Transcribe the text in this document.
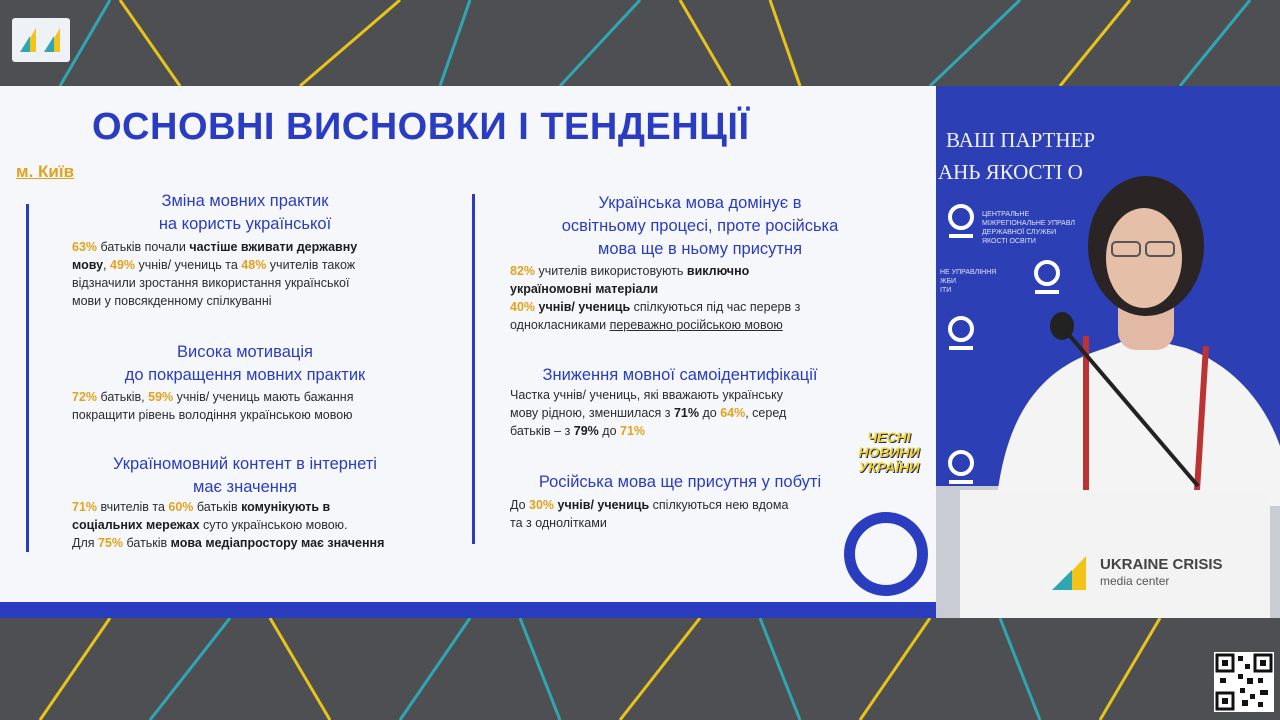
ОСНОВНІ ВИСНОВКИ І ТЕНДЕНЦІЇ
м. Київ
Зміна мовних практик
на користь української
63% батьків почали частіше вживати державну
мову, 49% учнів/ учениць та 48% учителів також
відзначили зростання використання української
мови у повсякденному спілкуванні
Висока мотивація
до покращення мовних практик
72% батьків, 59% учнів/ учениць мають бажання
покращити рівень володіння українською мовою
Україномовний контент в інтернеті
має значення
71% вчителів та 60% батьків комунікують в
соціальних мережах суто українською мовою.
Для 75% батьків мова медіапростору має значення
Українська мова домінує в
освітньому процесі, проте російська
мова ще в ньому присутня
82% учителів використовують виключно
україномовні матеріали
40% учнів/ учениць спілкуються під час перерв з
однокласниками переважно російською мовою
Зниження мовної самоідентифікації
Частка учнів/ учениць, які вважають українську
мову рідною, зменшилася з 71% до 64%, серед
батьків – з 79% до 71%
Російська мова ще присутня у побуті
До 30% учнів/ учениць спілкуються нею вдома
та з однолітками
ВАШ ПАРТНЕР
АНЬ ЯКОСТІ О
ЦЕНТРАЛЬНЕ
МІЖРЕГІОНАЛЬНЕ УПРАВЛ
ДЕРЖАВНОЇ СЛУЖБИ
ЯКОСТІ ОСВІТИ
НЕ УПРАВЛІННЯ
ЖБИ
ІТИ
UKRAINE CRISIS
media center
ЧЕСНІ
НОВИНИ
УКРАЇНИ
